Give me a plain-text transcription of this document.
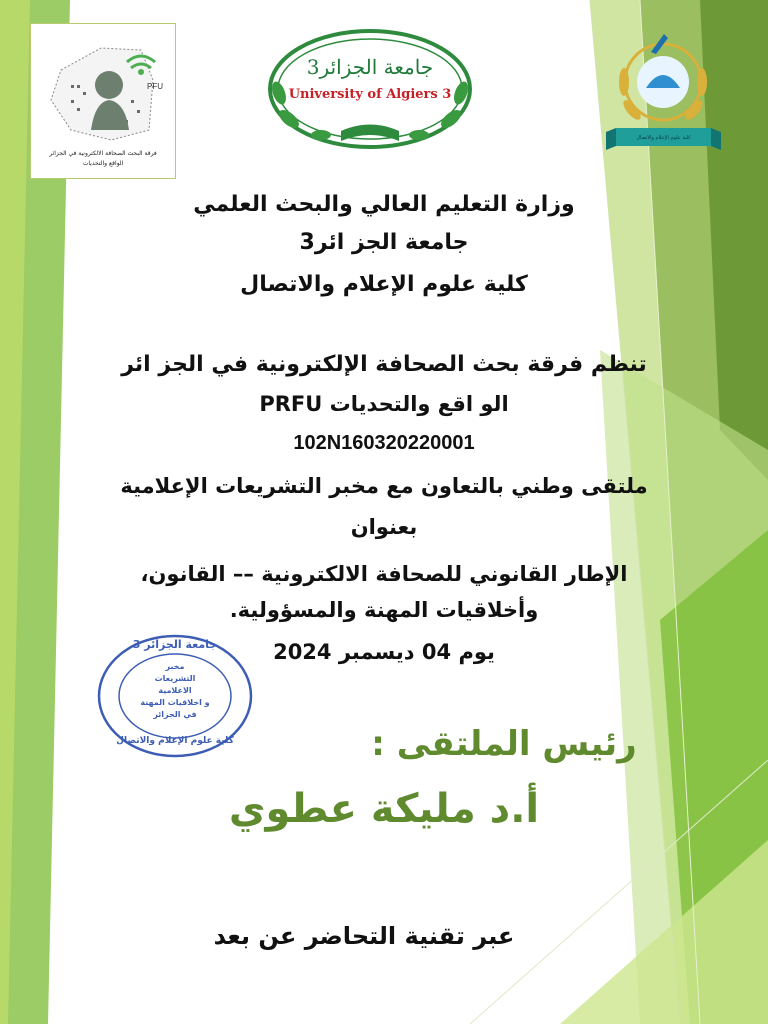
PFU
فرقة البحث الصحافة الالكترونية في الجزائر
الواقع والتحديات
جامعة الجزائر3
University of Algiers 3
كلية علوم الإعلام والاتصال
وزارة التعليم العالي والبحث العلمي
جامعة الجز ائر3
كلية علوم الإعلام والاتصال
تنظم فرقة بحث الصحافة الإلكترونية في الجز ائر
الو اقع والتحديات PRFU
102N160320220001
ملتقى وطني بالتعاون مع مخبر التشريعات الإعلامية
بعنوان
الإطار القانوني للصحافة الالكترونية –– القانون،
وأخلاقيات المهنة والمسؤولية.
يوم 04 ديسمبر 2024
رئيس الملتقى :
أ.د مليكة عطوي
عبر تقنية التحاضر عن بعد
جامعة الجزائر 3
مخبر
التشريعات
الاعلامية
و اخلاقيات المهنة
في الجزائر
كلية علوم الإعلام والاتصال
